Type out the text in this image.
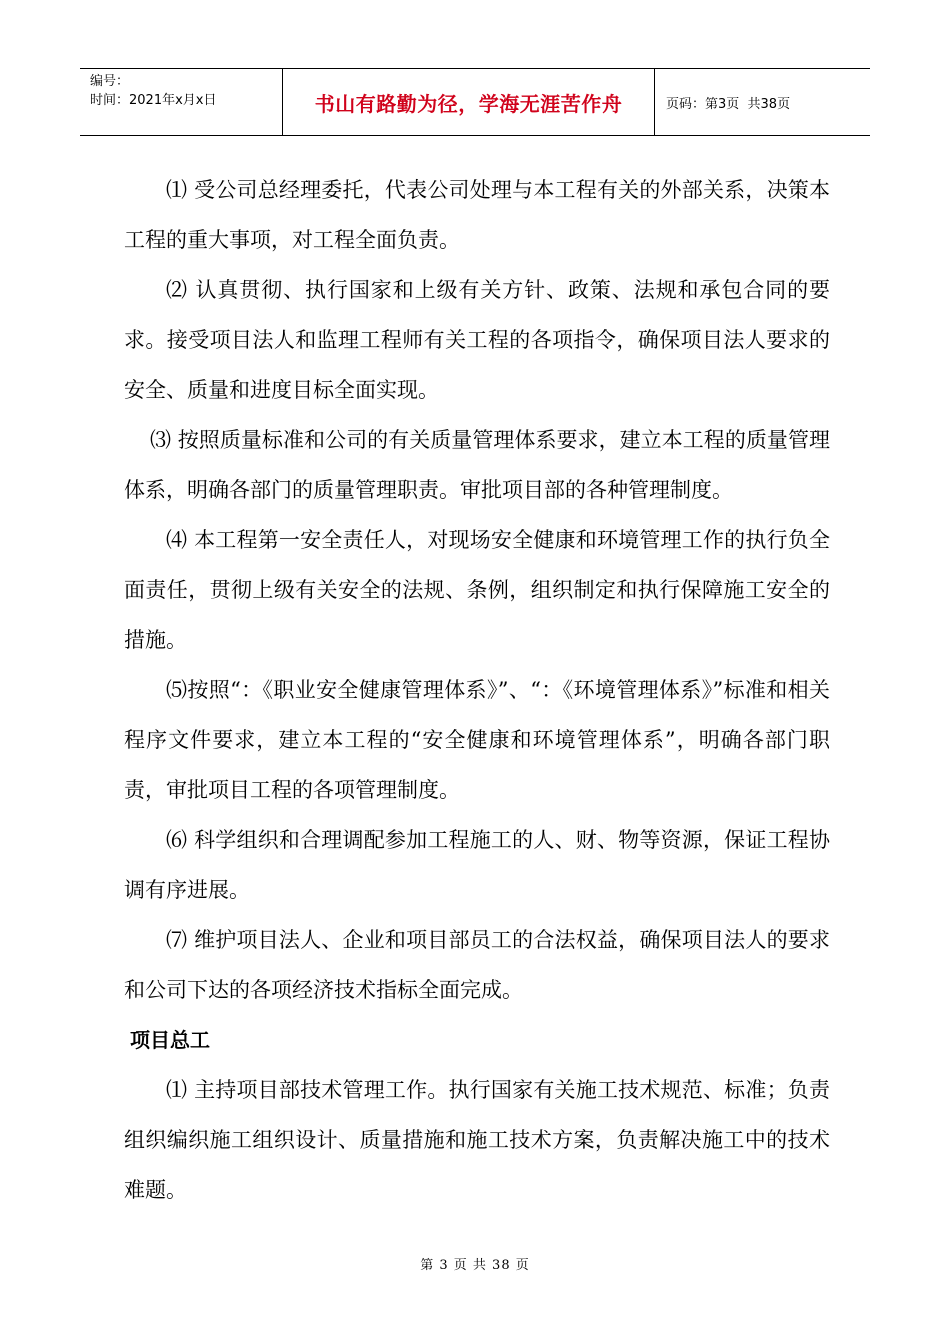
编号：
时间：2021年x月x日	书山有路勤为径，学海无涯苦作舟	页码：第3页  共38页

⑴ 受公司总经理委托，代表公司处理与本工程有关的外部关系，决策本工程的重大事项，对工程全面负责。

⑵ 认真贯彻、执行国家和上级有关方针、政策、法规和承包合同的要求。接受项目法人和监理工程师有关工程的各项指令，确保项目法人要求的安全、质量和进度目标全面实现。

⑶ 按照质量标准和公司的有关质量管理体系要求，建立本工程的质量管理体系，明确各部门的质量管理职责。审批项目部的各种管理制度。

⑷ 本工程第一安全责任人，对现场安全健康和环境管理工作的执行负全面责任，贯彻上级有关安全的法规、条例，组织制定和执行保障施工安全的措施。

⑸按照“：《职业安全健康管理体系》”、“：《环境管理体系》”标准和相关程序文件要求，建立本工程的“安全健康和环境管理体系”，明确各部门职责，审批项目工程的各项管理制度。

⑹ 科学组织和合理调配参加工程施工的人、财、物等资源，保证工程协调有序进展。

⑺ 维护项目法人、企业和项目部员工的合法权益，确保项目法人的要求和公司下达的各项经济技术指标全面完成。

项目总工

⑴ 主持项目部技术管理工作。执行国家有关施工技术规范、标准；负责组织编织施工组织设计、质量措施和施工技术方案，负责解决施工中的技术难题。

第 3 页 共 38 页
